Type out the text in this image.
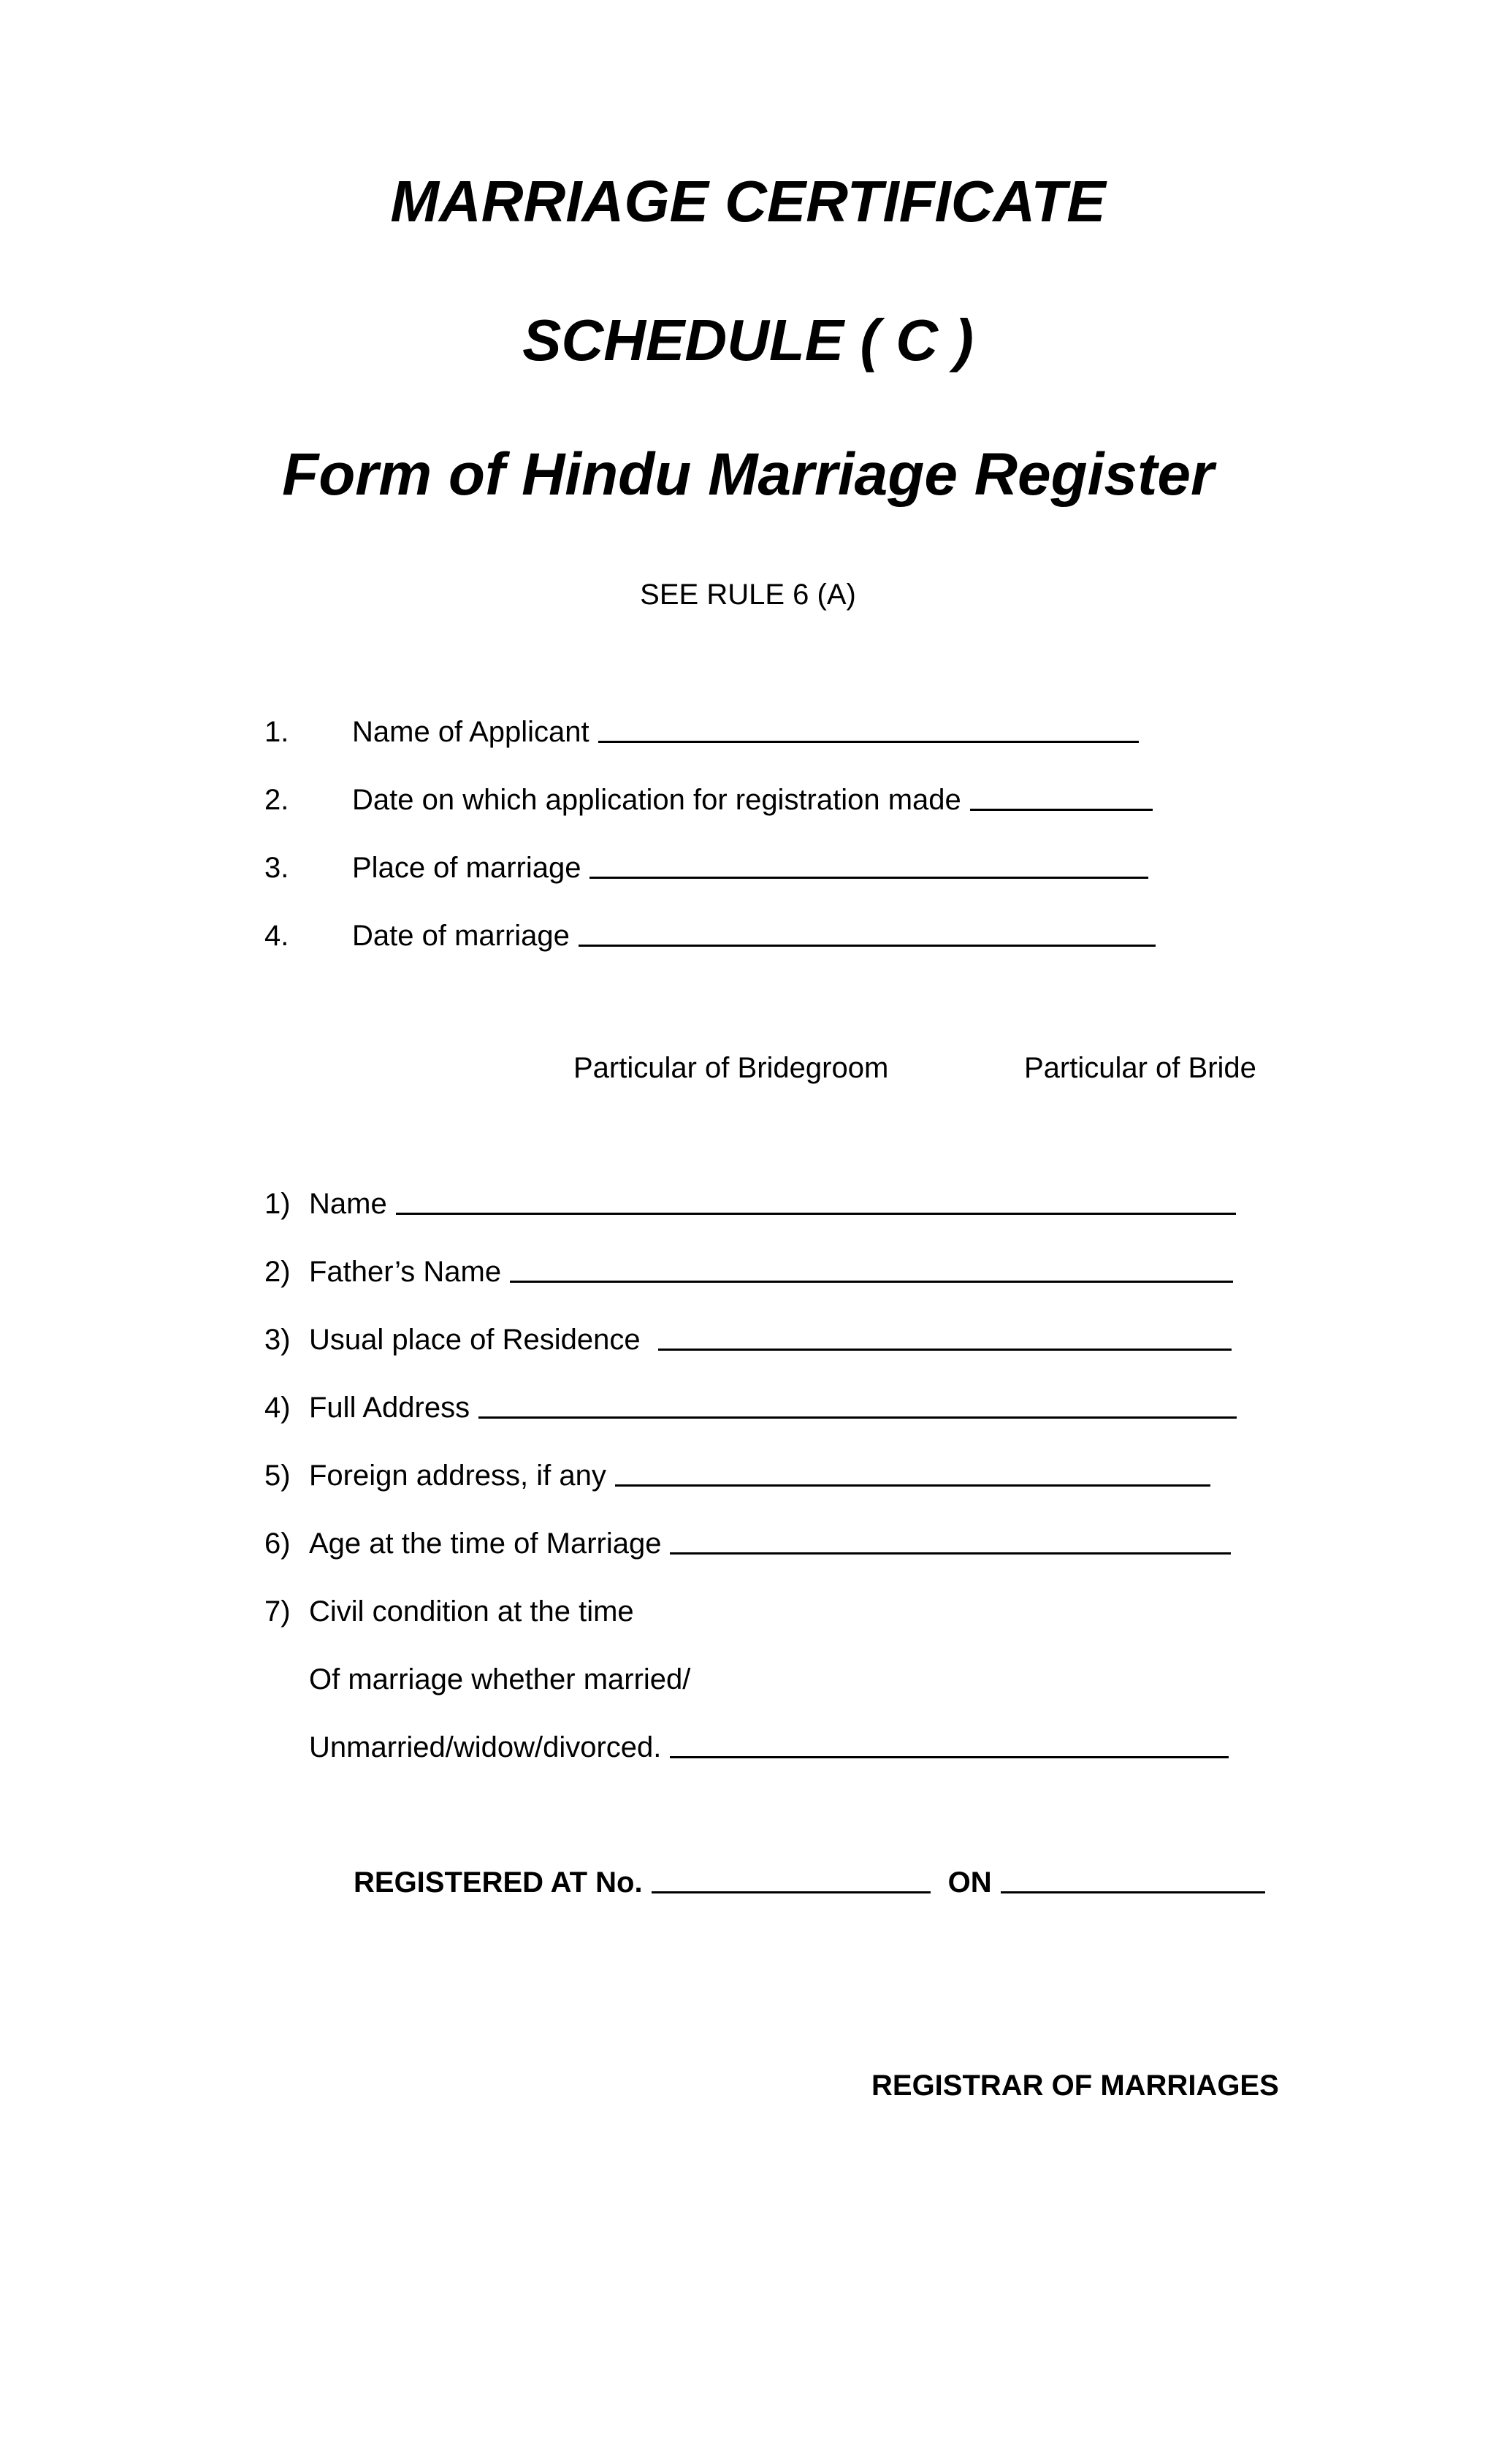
MARRIAGE CERTIFICATE
SCHEDULE ( C )
Form of Hindu Marriage Register
SEE RULE 6 (A)
1.	Name of Applicant
2.	Date on which application for registration made
3.	Place of marriage
4.	Date of marriage
Particular of Bridegroom	Particular of Bride
1) Name
2) Father’s Name
3) Usual place of Residence
4) Full Address
5) Foreign address, if any
6) Age at the time of Marriage
7) Civil condition at the time
Of marriage whether married/
Unmarried/widow/divorced.
REGISTERED AT No.	ON
REGISTRAR OF MARRIAGES
